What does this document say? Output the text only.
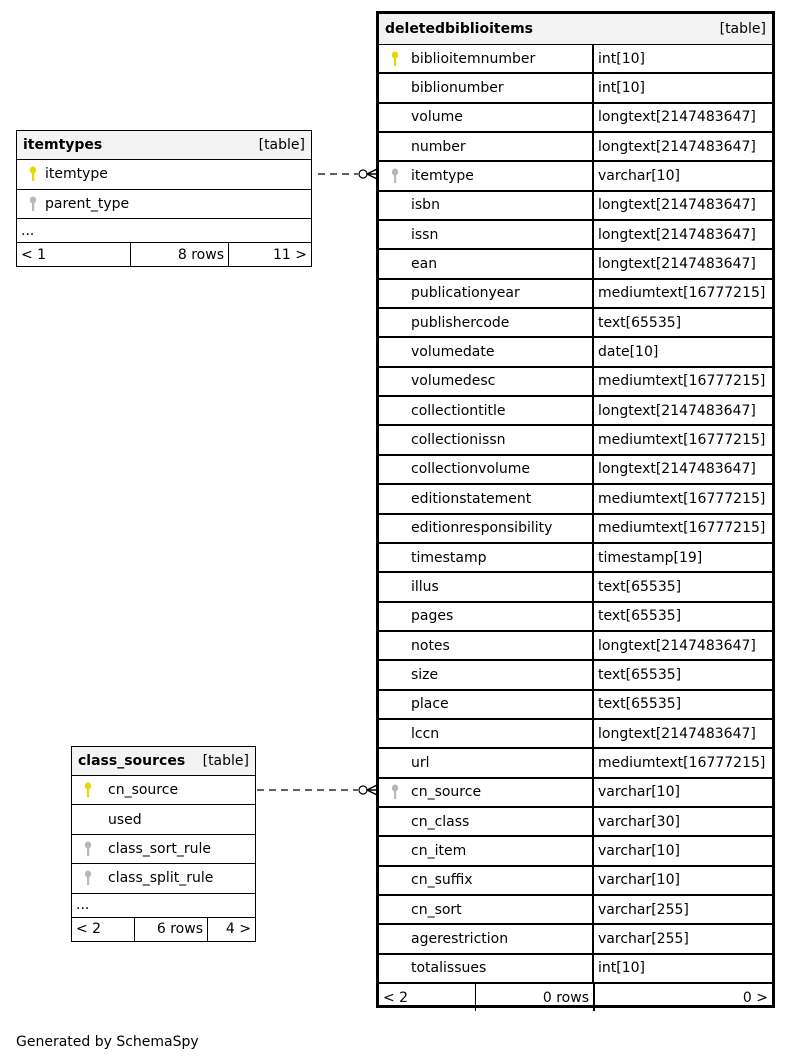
deletedbiblioitems	[table]
biblioitemnumber	int[10]
biblionumber	int[10]
volume	longtext[2147483647]
number	longtext[2147483647]
itemtype	varchar[10]
isbn	longtext[2147483647]
issn	longtext[2147483647]
ean	longtext[2147483647]
publicationyear	mediumtext[16777215]
publishercode	text[65535]
volumedate	date[10]
volumedesc	mediumtext[16777215]
collectiontitle	longtext[2147483647]
collectionissn	mediumtext[16777215]
collectionvolume	longtext[2147483647]
editionstatement	mediumtext[16777215]
editionresponsibility	mediumtext[16777215]
timestamp	timestamp[19]
illus	text[65535]
pages	text[65535]
notes	longtext[2147483647]
size	text[65535]
place	text[65535]
lccn	longtext[2147483647]
url	mediumtext[16777215]
cn_source	varchar[10]
cn_class	varchar[30]
cn_item	varchar[10]
cn_suffix	varchar[10]
cn_sort	varchar[255]
agerestriction	varchar[255]
totalissues	int[10]
< 2	0 rows	0 >
itemtypes	[table]
itemtype
parent_type
...
< 1	8 rows	11 >
class_sources [table]
cn_source
used
class_sort_rule
class_split_rule
...
< 2	6 rows	4 >
Generated by SchemaSpy
